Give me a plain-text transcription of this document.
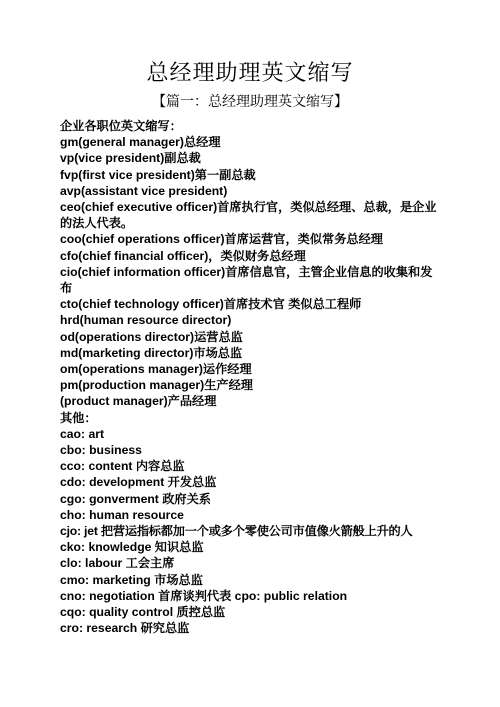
总经理助理英文缩写
【篇一：总经理助理英文缩写】

企业各职位英文缩写：

gm(general manager)总经理

vp(vice president)副总裁

fvp(first vice president)第一副总裁

avp(assistant vice president)

ceo(chief executive officer)首席执行官，类似总经理、总裁，是企业的法人代表。

coo(chief operations officer)首席运营官，类似常务总经理

cfo(chief financial officer)，类似财务总经理

cio(chief information officer)首席信息官，主管企业信息的收集和发布

cto(chief technology officer)首席技术官 类似总工程师

hrd(human resource director)

od(operations director)运营总监

md(marketing director)市场总监

om(operations manager)运作经理

pm(production manager)生产经理

(product manager)产品经理

其他：

cao: art

cbo: business

cco: content 内容总监

cdo: development 开发总监

cgo: gonverment 政府关系

cho: human resource

cjo: jet 把营运指标都加一个或多个零使公司市值像火箭般上升的人

cko: knowledge 知识总监

clo: labour 工会主席

cmo: marketing 市场总监

cno: negotiation 首席谈判代表 cpo: public relation

cqo: quality control 质控总监

cro: research 研究总监
